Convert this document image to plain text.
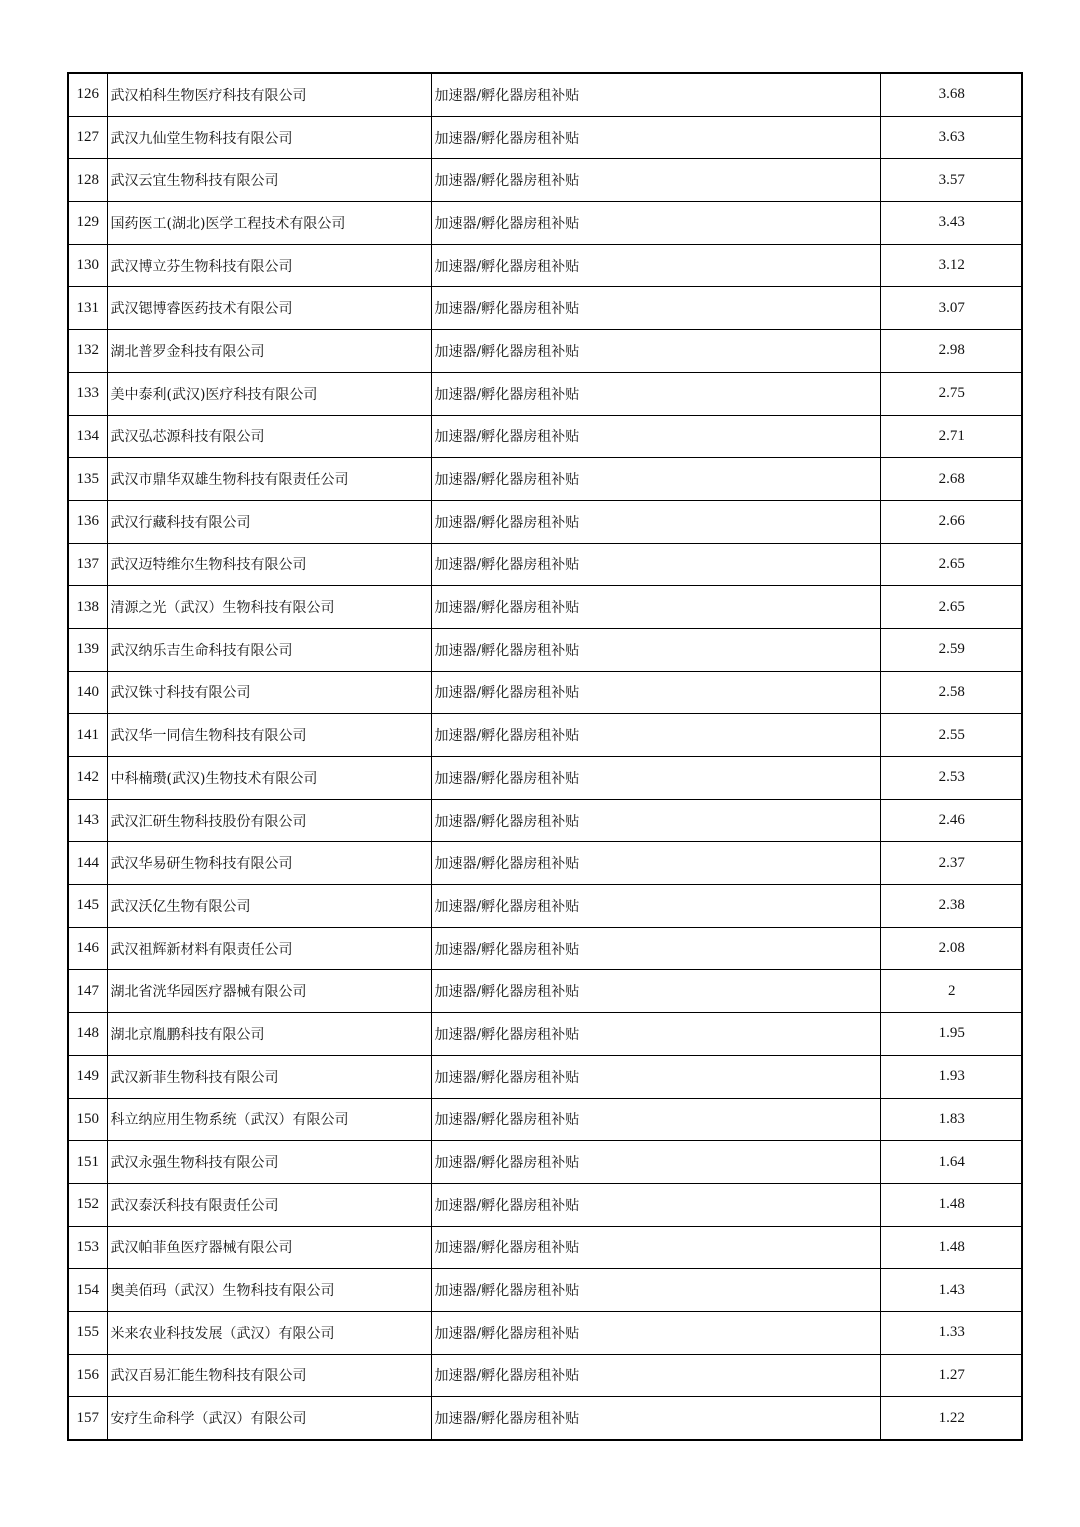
126	武汉柏科生物医疗科技有限公司	加速器/孵化器房租补贴	3.68
127	武汉九仙堂生物科技有限公司	加速器/孵化器房租补贴	3.63
128	武汉云宜生物科技有限公司	加速器/孵化器房租补贴	3.57
129	国药医工(湖北)医学工程技术有限公司	加速器/孵化器房租补贴	3.43
130	武汉博立芬生物科技有限公司	加速器/孵化器房租补贴	3.12
131	武汉锶博睿医药技术有限公司	加速器/孵化器房租补贴	3.07
132	湖北普罗金科技有限公司	加速器/孵化器房租补贴	2.98
133	美中泰利(武汉)医疗科技有限公司	加速器/孵化器房租补贴	2.75
134	武汉弘芯源科技有限公司	加速器/孵化器房租补贴	2.71
135	武汉市鼎华双雄生物科技有限责任公司	加速器/孵化器房租补贴	2.68
136	武汉行藏科技有限公司	加速器/孵化器房租补贴	2.66
137	武汉迈特维尔生物科技有限公司	加速器/孵化器房租补贴	2.65
138	清源之光（武汉）生物科技有限公司	加速器/孵化器房租补贴	2.65
139	武汉纳乐吉生命科技有限公司	加速器/孵化器房租补贴	2.59
140	武汉铢寸科技有限公司	加速器/孵化器房租补贴	2.58
141	武汉华一同信生物科技有限公司	加速器/孵化器房租补贴	2.55
142	中科楠瓒(武汉)生物技术有限公司	加速器/孵化器房租补贴	2.53
143	武汉汇研生物科技股份有限公司	加速器/孵化器房租补贴	2.46
144	武汉华易研生物科技有限公司	加速器/孵化器房租补贴	2.37
145	武汉沃亿生物有限公司	加速器/孵化器房租补贴	2.38
146	武汉祖辉新材料有限责任公司	加速器/孵化器房租补贴	2.08
147	湖北省洸华园医疗器械有限公司	加速器/孵化器房租补贴	2
148	湖北京胤鹏科技有限公司	加速器/孵化器房租补贴	1.95
149	武汉新菲生物科技有限公司	加速器/孵化器房租补贴	1.93
150	科立纳应用生物系统（武汉）有限公司	加速器/孵化器房租补贴	1.83
151	武汉永强生物科技有限公司	加速器/孵化器房租补贴	1.64
152	武汉泰沃科技有限责任公司	加速器/孵化器房租补贴	1.48
153	武汉帕菲鱼医疗器械有限公司	加速器/孵化器房租补贴	1.48
154	奥美佰玛（武汉）生物科技有限公司	加速器/孵化器房租补贴	1.43
155	米来农业科技发展（武汉）有限公司	加速器/孵化器房租补贴	1.33
156	武汉百易汇能生物科技有限公司	加速器/孵化器房租补贴	1.27
157	安疗生命科学（武汉）有限公司	加速器/孵化器房租补贴	1.22
